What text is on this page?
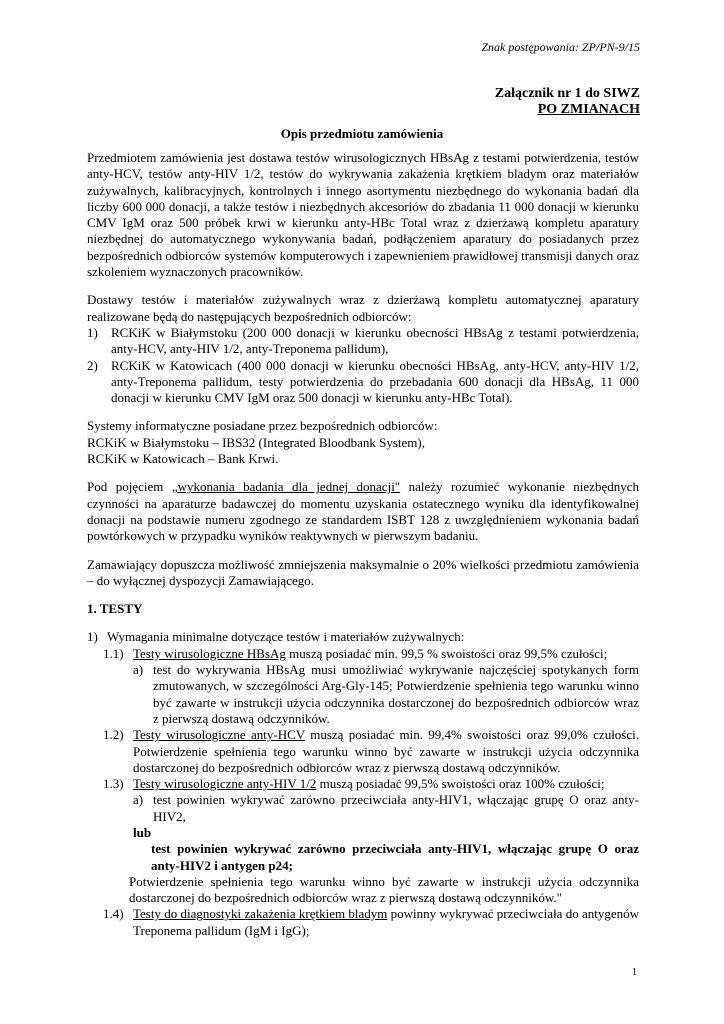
Znak postępowania: ZP/PN-9/15
Załącznik nr 1 do SIWZ
PO ZMIANACH
Opis przedmiotu zamówienia

Przedmiotem zamówienia jest dostawa testów wirusologicznych HBsAg z testami potwierdzenia, testów anty-HCV, testów anty-HIV 1/2, testów do wykrywania zakażenia krętkiem bladym oraz materiałów zużywalnych, kalibracyjnych, kontrolnych i innego asortymentu niezbędnego do wykonania badań dla liczby 600 000 donacji, a także testów i niezbędnych akcesoriów do zbadania 11 000 donacji w kierunku CMV IgM oraz 500 próbek krwi w kierunku anty-HBc Total wraz z dzierżawą kompletu aparatury niezbędnej do automatycznego wykonywania badań, podłączeniem aparatury do posiadanych przez bezpośrednich odbiorców systemów komputerowych i zapewnieniem prawidłowej transmisji danych oraz szkoleniem wyznaczonych pracowników.

Dostawy testów i materiałów zużywalnych wraz z dzierżawą kompletu automatycznej aparatury realizowane będą do następujących bezpośrednich odbiorców:
1)	RCKiK w Białymstoku (200 000 donacji w kierunku obecności HBsAg z testami potwierdzenia, anty-HCV, anty-HIV 1/2, anty-Treponema pallidum),
2)	RCKiK w Katowicach (400 000 donacji w kierunku obecności HBsAg, anty-HCV, anty-HIV 1/2, anty-Treponema pallidum, testy potwierdzenia do przebadania 600 donacji dla HBsAg, 11 000 donacji w kierunku CMV IgM oraz 500 donacji w kierunku anty-HBc Total).
Systemy informatyczne posiadane przez bezpośrednich odbiorców:
RCKiK w Białymstoku – IBS32 (Integrated Bloodbank System),
RCKiK w Katowicach – Bank Krwi.

Pod pojęciem „wykonania badania dla jednej donacji" należy rozumieć wykonanie niezbędnych czynności na aparaturze badawczej do momentu uzyskania ostatecznego wyniku dla identyfikowalnej donacji na podstawie numeru zgodnego ze standardem ISBT 128 z uwzględnieniem wykonania badań powtórkowych w przypadku wyników reaktywnych w pierwszym badaniu.

Zamawiający dopuszcza możliwość zmniejszenia maksymalnie o 20% wielkości przedmiotu zamówienia – do wyłącznej dyspozycji Zamawiającego.

1. TESTY
1) Wymagania minimalne dotyczące testów i materiałów zużywalnych:
1.1) Testy wirusologiczne HBsAg muszą posiadać min. 99,5 % swoistości oraz 99,5% czułości;
a) test do wykrywania HBsAg musi umożliwiać wykrywanie najczęściej spotykanych form zmutowanych, w szczególności Arg-Gly-145; Potwierdzenie spełnienia tego warunku winno być zawarte w instrukcji użycia odczynnika dostarczonej do bezpośrednich odbiorców wraz z pierwszą dostawą odczynników.
1.2) Testy wirusologiczne anty-HCV muszą posiadać min. 99,4% swoistości oraz 99,0% czułości. Potwierdzenie spełnienia tego warunku winno być zawarte w instrukcji użycia odczynnika dostarczonej do bezpośrednich odbiorców wraz z pierwszą dostawą odczynników.
1.3) Testy wirusologiczne anty-HIV 1/2 muszą posiadać 99,5% swoistości oraz 100% czułości;
a) test powinien wykrywać zarówno przeciwciała anty-HIV1, włączając grupę O oraz anty-HIV2,
lub
test powinien wykrywać zarówno przeciwciała anty-HIV1, włączając grupę O oraz anty-HIV2 i antygen p24;
Potwierdzenie spełnienia tego warunku winno być zawarte w instrukcji użycia odczynnika dostarczonej do bezpośrednich odbiorców wraz z pierwszą dostawą odczynników."
1.4) Testy do diagnostyki zakażenia krętkiem bladym powinny wykrywać przeciwciała do antygenów Treponema pallidum (IgM i IgG);
1
